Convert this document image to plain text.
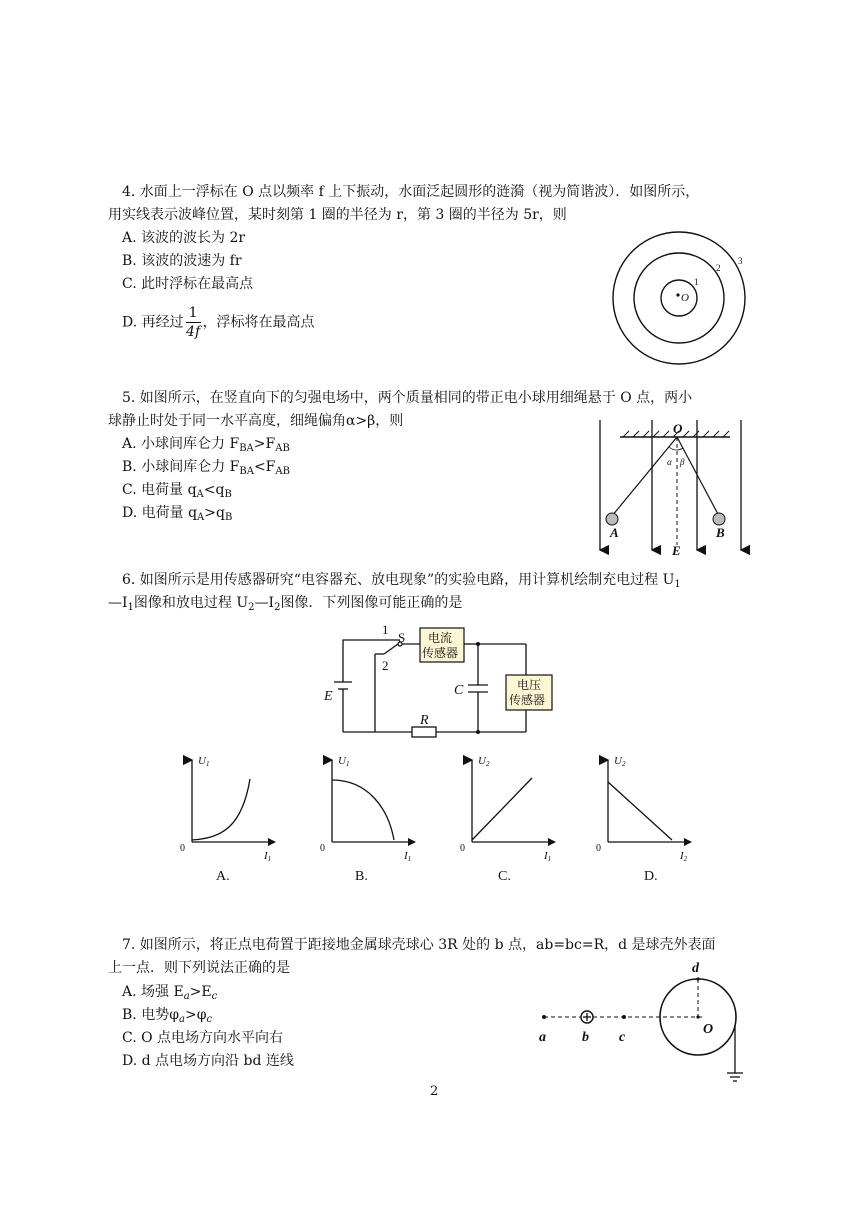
4. 水面上一浮标在 O 点以频率 f 上下振动，水面泛起圆形的涟漪（视为简谐波）．如图所示，
用实线表示波峰位置，某时刻第 1 圈的半径为 r，第 3 圈的半径为 5r，则
A. 该波的波长为 2r
B. 该波的波速为 fr
C. 此时浮标在最高点
D. 再经过 $\frac{1}{4f}$ ，浮标将在最高点
O
1
2
3
5. 如图所示，在竖直向下的匀强电场中，两个质量相同的带正电小球用细绳悬于 O 点，两小
球静止时处于同一水平高度，细绳偏角α>β，则
A. 小球间库仑力 $F_{BA}>F_{AB}$
B. 小球间库仑力 $F_{BA}<F_{AB}$
C. 电荷量 $q_A<q_B$
D. 电荷量 $q_A>q_B$
O
α β
A	B
E
6. 如图所示是用传感器研究“电容器充、放电现象”的实验电路，用计算机绘制充电过程 $U_1$
$—I_1$图像和放电过程 $U_2—I_2$图像．下列图像可能正确的是
电流
传感器
电压
传感器
1
2
S
E	C
R
U1
0
I1
A.
U1
0
I1
B.
U2
0
I1
C.
U2
0
I2
D.
7. 如图所示，将正点电荷置于距接地金属球壳球心 3R 处的 b 点，ab=bc=R，d 是球壳外表面
上一点．则下列说法正确的是
A. 场强 $E_a>E_c$
B. 电势$\varphi_a>\varphi_c$
C. O 点电场方向水平向右
D. d 点电场方向沿 bd 连线
a	b c
d
O
2
